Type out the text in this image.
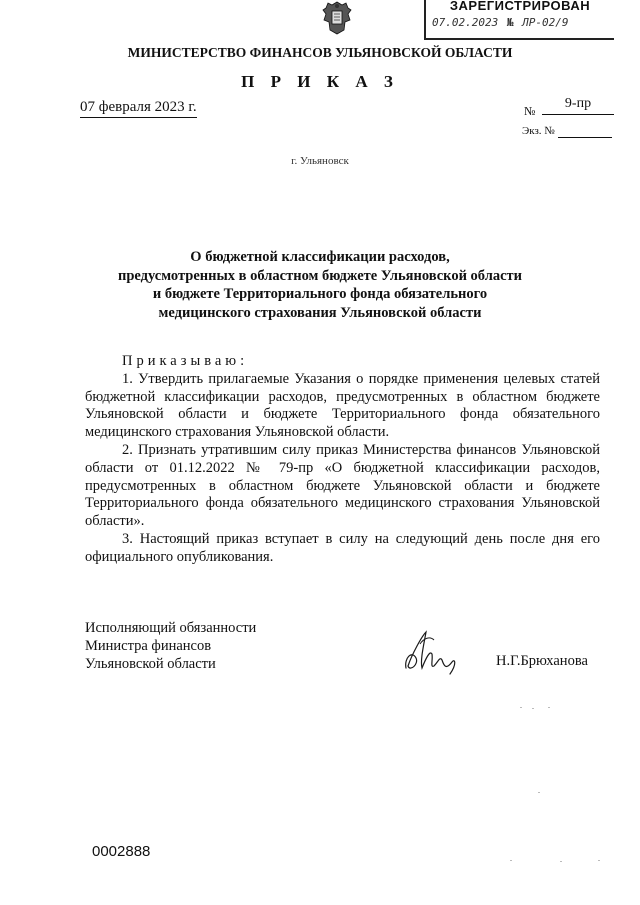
ЗАРЕГИСТРИРОВАН
07.02.2023 № ЛР-02/9
МИНИСТЕРСТВО ФИНАНСОВ УЛЬЯНОВСКОЙ ОБЛАСТИ
П Р И К А З
07 февраля 2023 г.	№	9-пр
Экз. №
г. Ульяновск
О бюджетной классификации расходов,
предусмотренных в областном бюджете Ульяновской области
и бюджете Территориального фонда обязательного
медицинского страхования Ульяновской области
Приказываю:
1. Утвердить прилагаемые Указания о порядке применения целевых статей бюджетной классификации расходов, предусмотренных в областном бюджете Ульяновской области и бюджете Территориального фонда обязательного медицинского страхования Ульяновской области.
2. Признать утратившим силу приказ Министерства финансов Ульяновской области от 01.12.2022 № 79-пр «О бюджетной классификации расходов, предусмотренных в областном бюджете Ульяновской области и бюджете Территориального фонда обязательного медицинского страхования Ульяновской области».
3. Настоящий приказ вступает в силу на следующий день после дня его официального опубликования.
Исполняющий обязанности
Министра финансов
Ульяновской области	Н.Г.Брюханова
0002888
